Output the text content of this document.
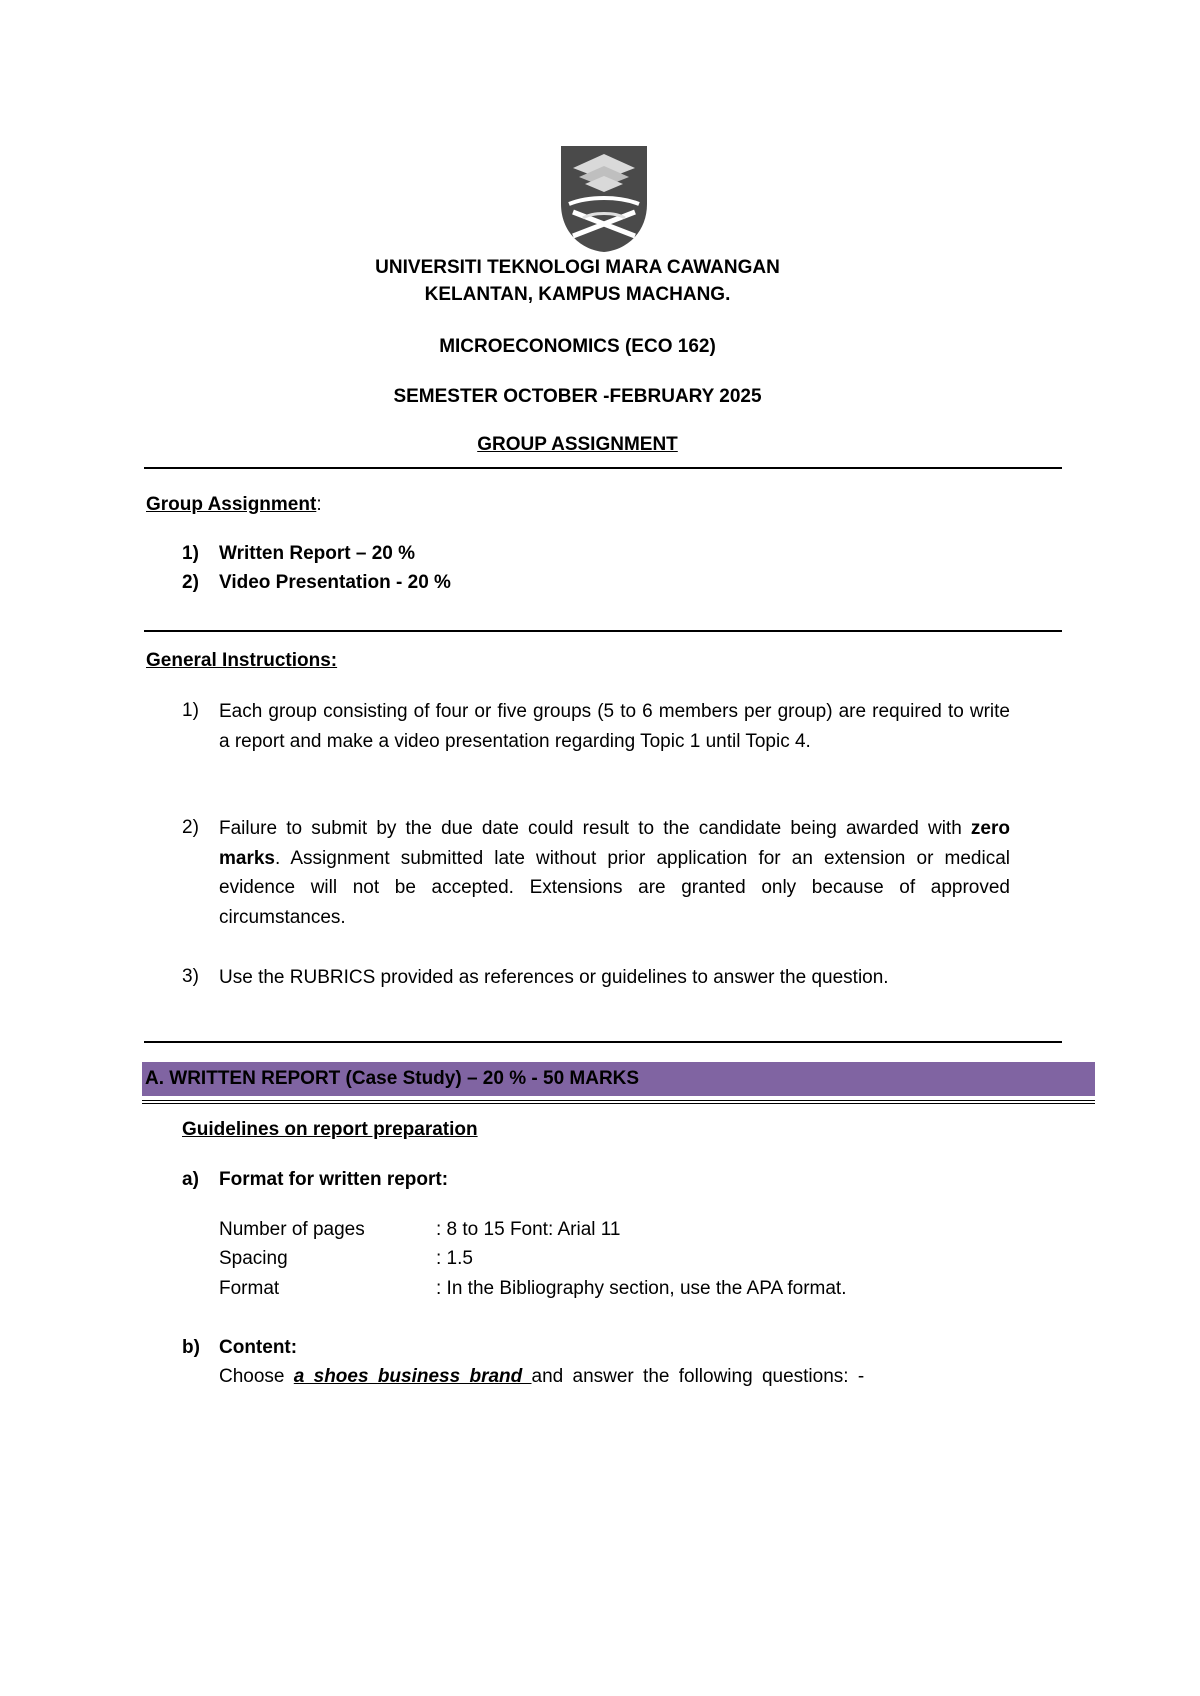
UNIVERSITI TEKNOLOGI MARA CAWANGAN
KELANTAN, KAMPUS MACHANG.
MICROECONOMICS (ECO 162)
SEMESTER OCTOBER -FEBRUARY 2025
GROUP ASSIGNMENT
Group Assignment:
1) Written Report – 20 %
2) Video Presentation - 20 %
General Instructions:
1) Each group consisting of four or five groups (5 to 6 members per group) are required to write a report and make a video presentation regarding Topic 1 until Topic 4.
2) Failure to submit by the due date could result to the candidate being awarded with zero marks. Assignment submitted late without prior application for an extension or medical evidence will not be accepted. Extensions are granted only because of approved circumstances.
3) Use the RUBRICS provided as references or guidelines to answer the question.
A. WRITTEN REPORT (Case Study) – 20 % - 50 MARKS
Guidelines on report preparation
a) Format for written report:
Number of pages	: 8 to 15 Font: Arial 11
Spacing	: 1.5
Format	: In the Bibliography section, use the APA format.
b) Content:
Choose a shoes business brand and answer the following questions: -
